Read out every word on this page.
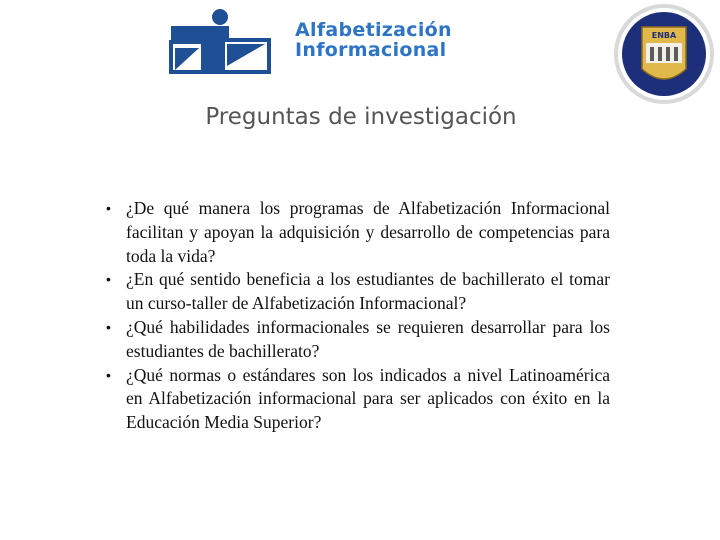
Alfabetización
Informacional
ENBA
Preguntas de investigación
• ¿De qué manera los programas de Alfabetización Informacional facilitan y apoyan la adquisición y desarrollo de competencias para toda la vida?
• ¿En qué sentido beneficia a los estudiantes de bachillerato el tomar un curso-taller de Alfabetización Informacional?
• ¿Qué habilidades informacionales se requieren desarrollar para los estudiantes de bachillerato?
• ¿Qué normas o estándares son los indicados a nivel Latinoamérica en Alfabetización informacional para ser aplicados con éxito en la Educación Media Superior?
